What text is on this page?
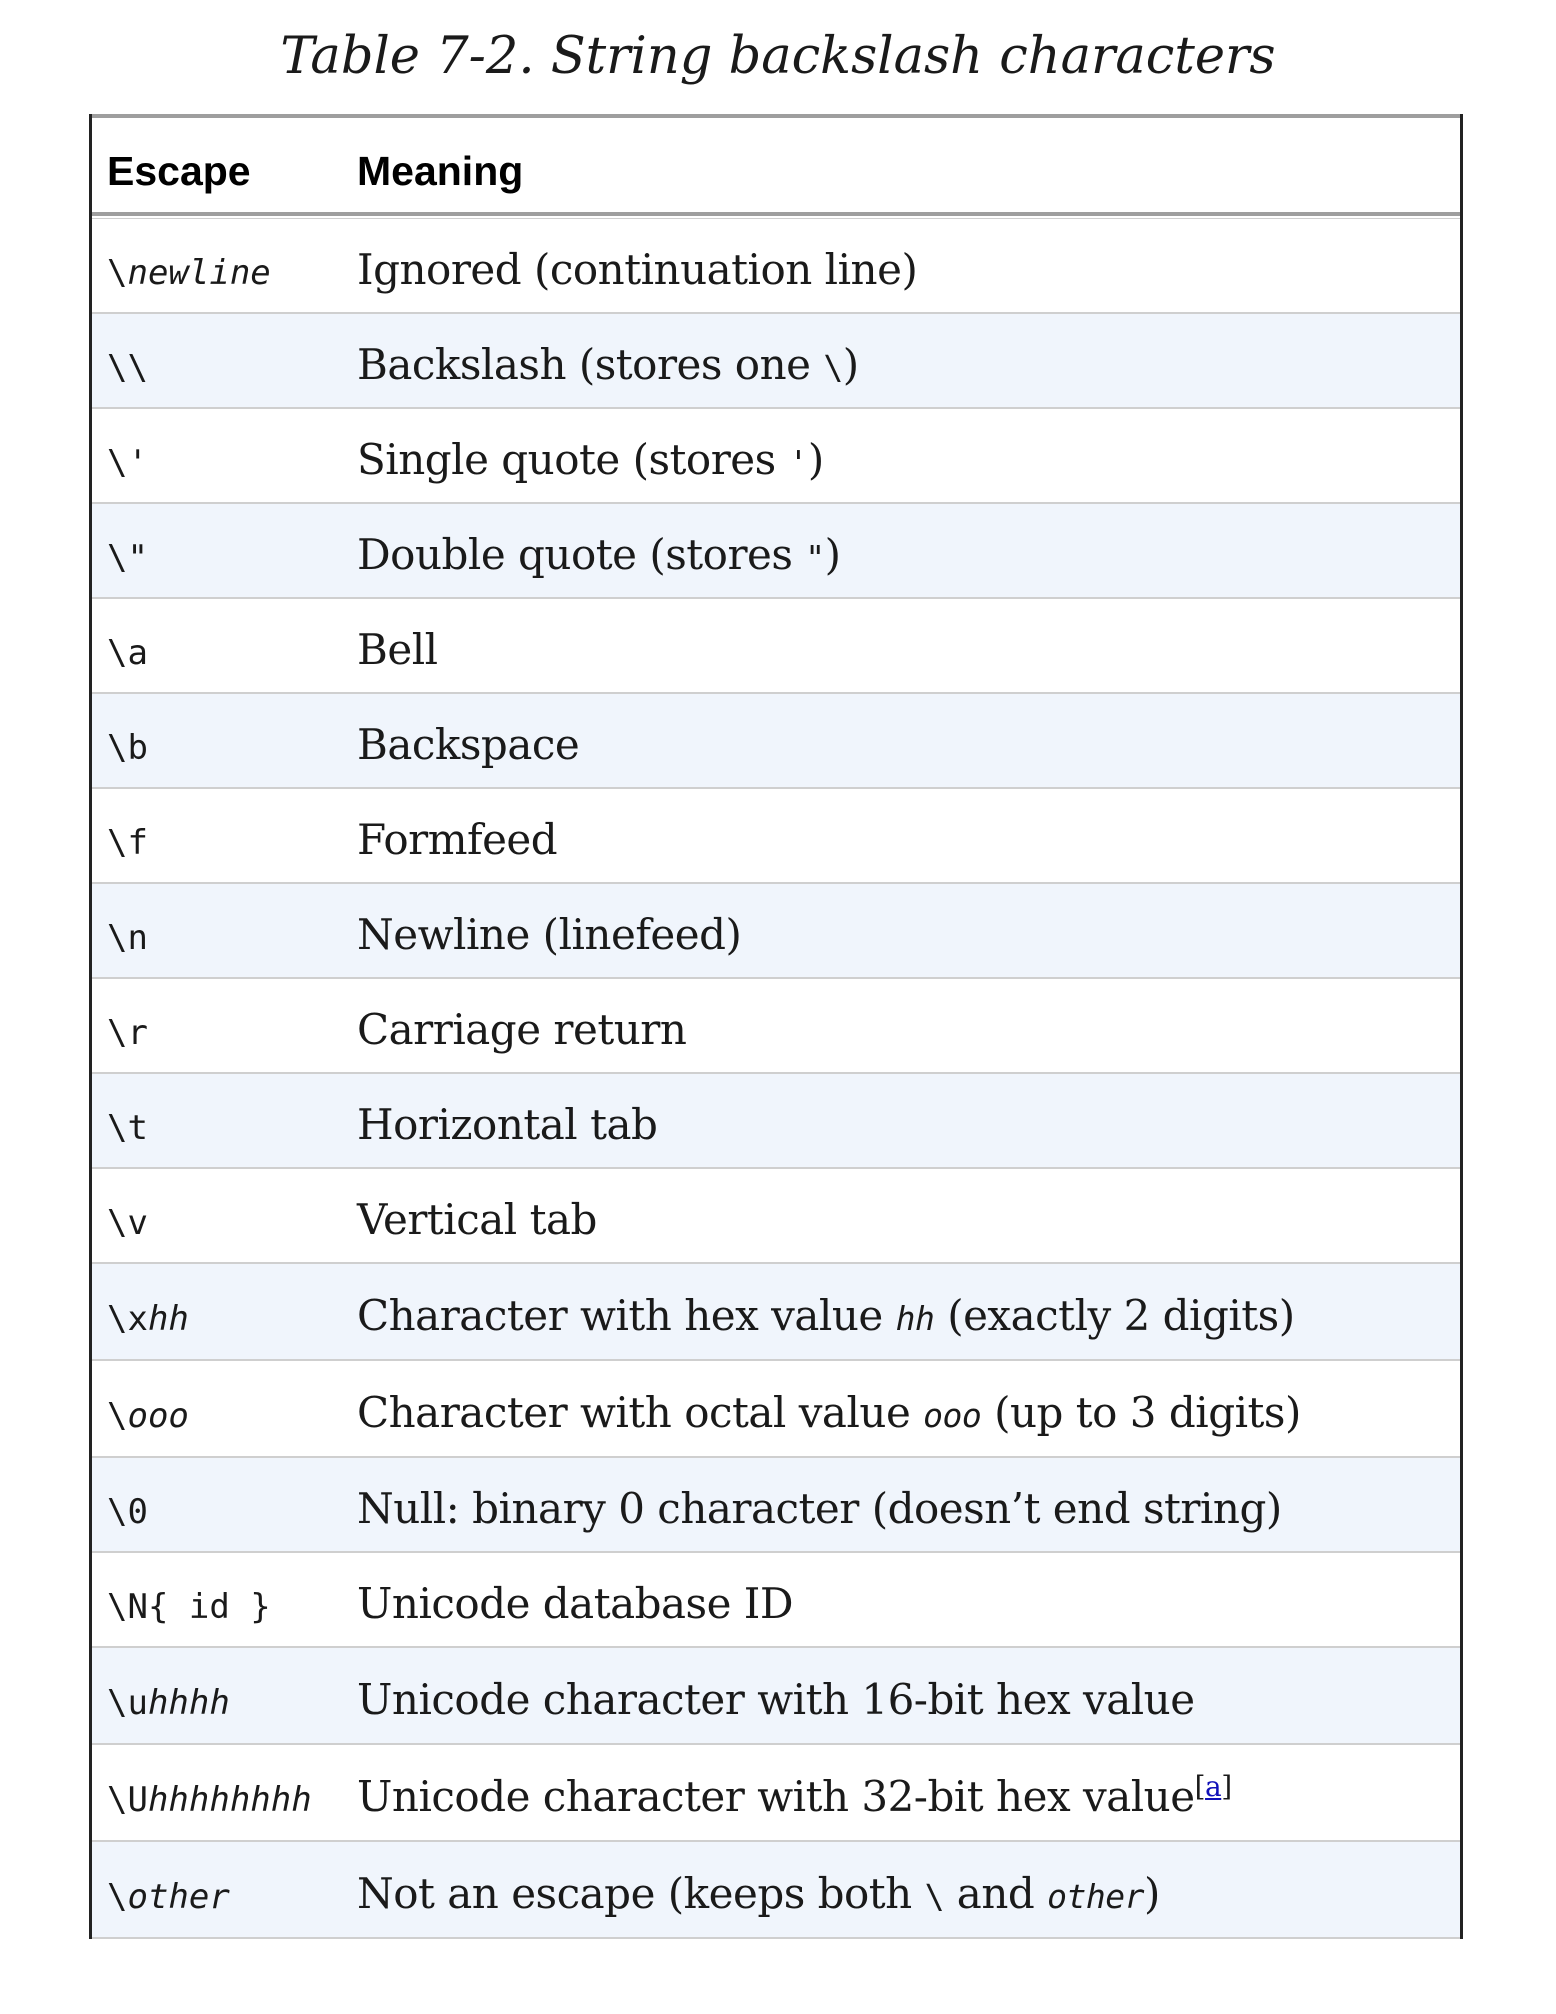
Table 7-2. String backslash characters
Escape	Meaning
\newline	Ignored (continuation line)
\\	Backslash (stores one \)
\'	Single quote (stores ')
\"	Double quote (stores ")
\a	Bell
\b	Backspace
\f	Formfeed
\n	Newline (linefeed)
\r	Carriage return
\t	Horizontal tab
\v	Vertical tab
\xhh	Character with hex value hh (exactly 2 digits)
\ooo	Character with octal value ooo (up to 3 digits)
\0	Null: binary 0 character (doesn’t end string)
\N{ id }	Unicode database ID
\uhhhh	Unicode character with 16-bit hex value
\Uhhhhhhhh	Unicode character with 32-bit hex value[a]
\other	Not an escape (keeps both \ and other)
